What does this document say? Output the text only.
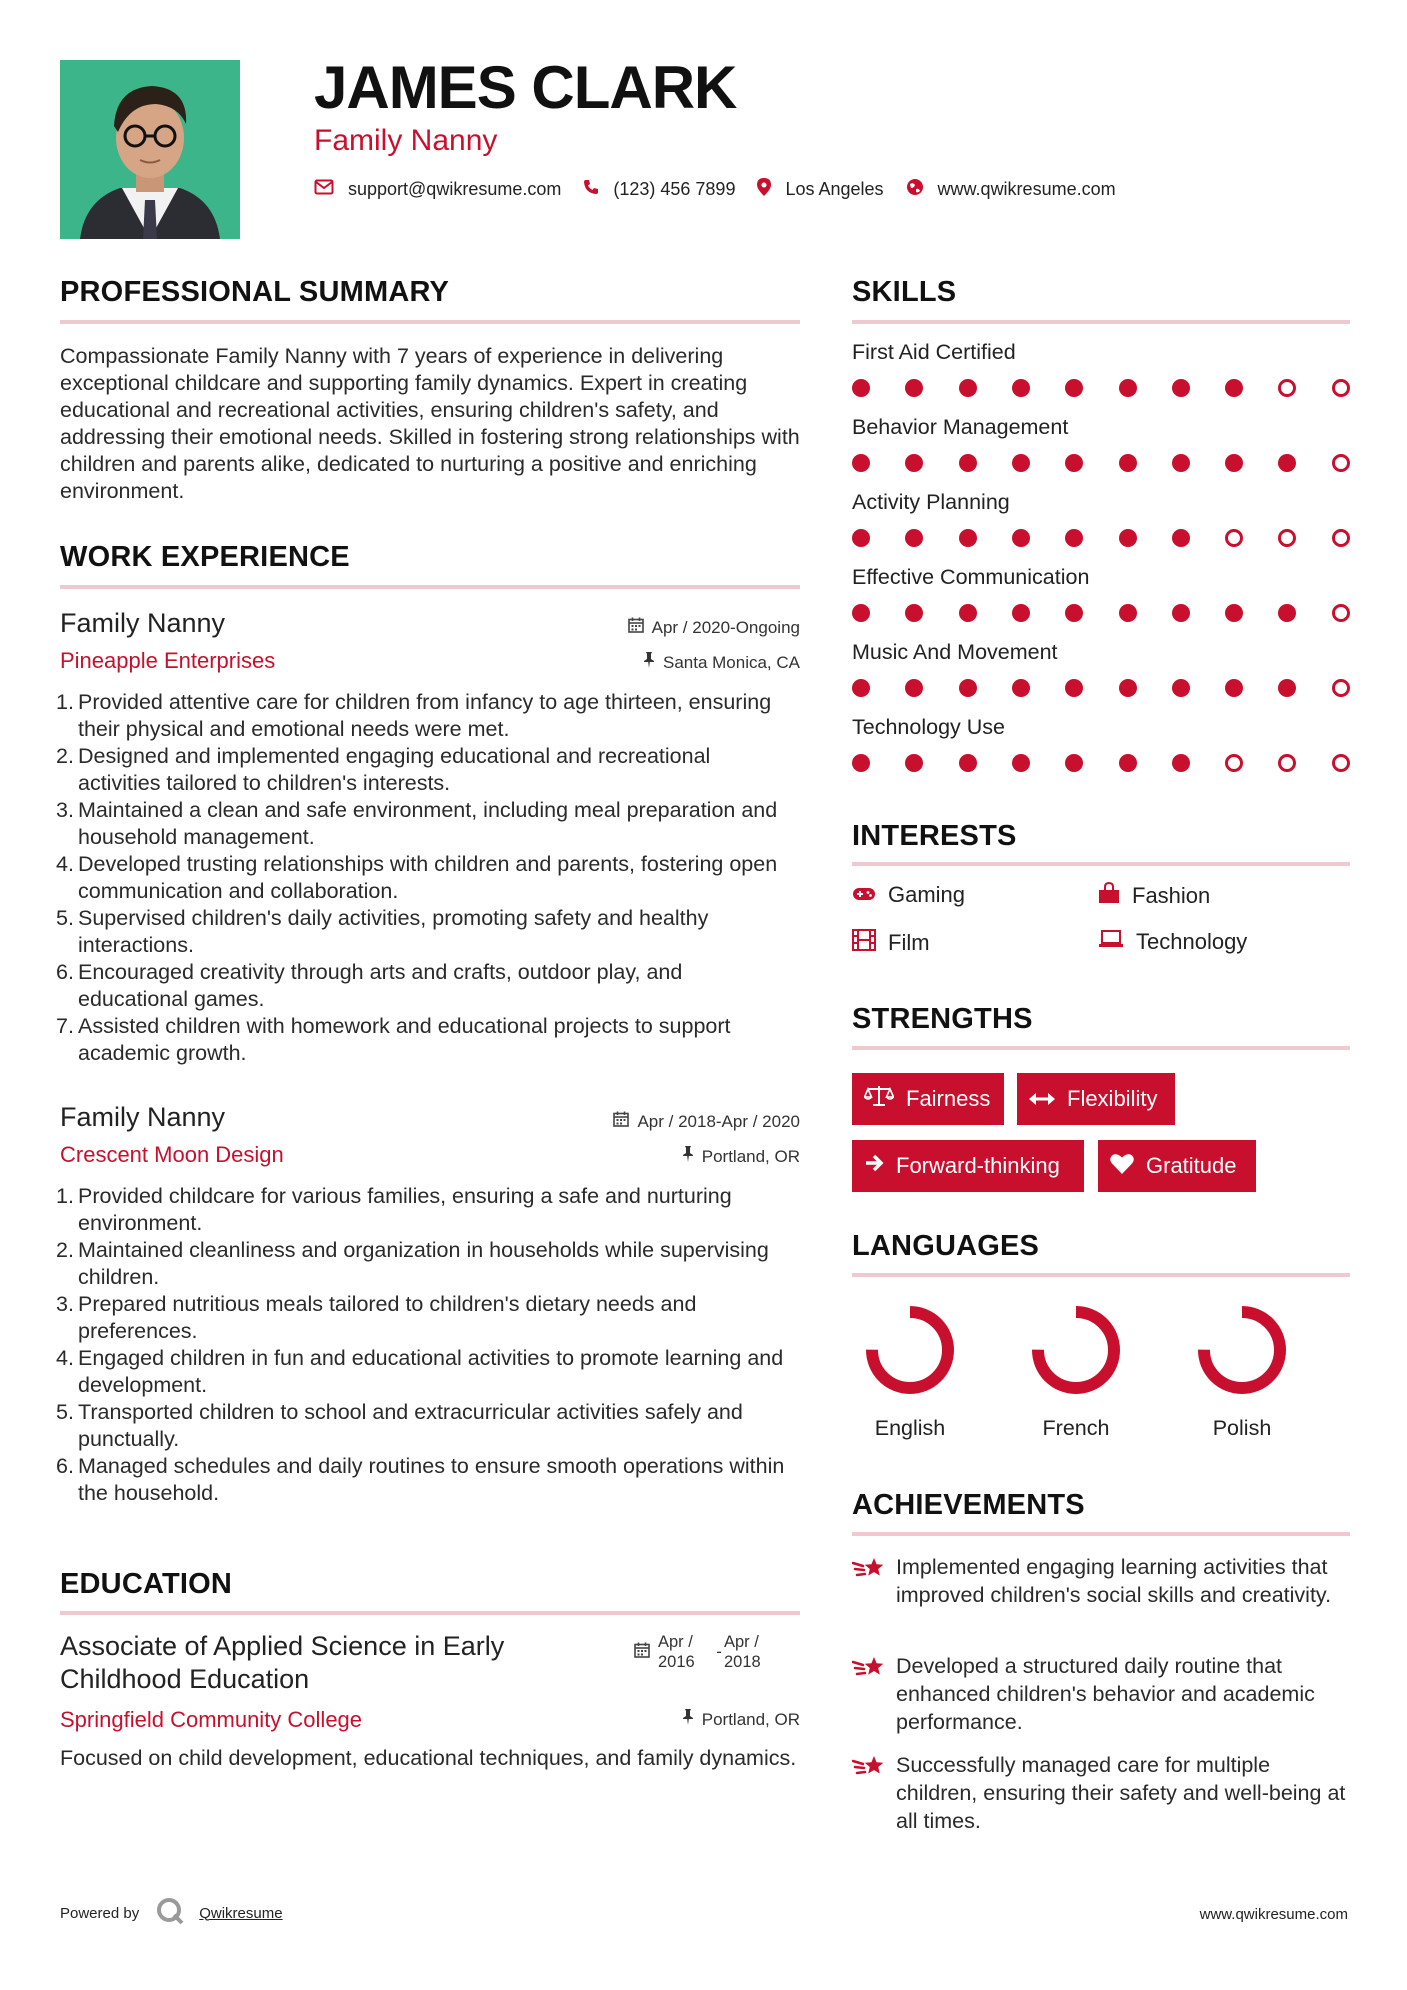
JAMES CLARK
Family Nanny
support@qwikresume.com	(123) 456 7899	Los Angeles	www.qwikresume.com
PROFESSIONAL SUMMARY
Compassionate Family Nanny with 7 years of experience in delivering exceptional childcare and supporting family dynamics. Expert in creating educational and recreational activities, ensuring children's safety, and addressing their emotional needs. Skilled in fostering strong relationships with children and parents alike, dedicated to nurturing a positive and enriching environment.
WORK EXPERIENCE
Family Nanny
Pineapple Enterprises
Apr / 2020-Ongoing
Santa Monica, CA
1. Provided attentive care for children from infancy to age thirteen, ensuring their physical and emotional needs were met.
2. Designed and implemented engaging educational and recreational activities tailored to children's interests.
3. Maintained a clean and safe environment, including meal preparation and household management.
4. Developed trusting relationships with children and parents, fostering open communication and collaboration.
5. Supervised children's daily activities, promoting safety and healthy interactions.
6. Encouraged creativity through arts and crafts, outdoor play, and educational games.
7. Assisted children with homework and educational projects to support academic growth.
Family Nanny
Crescent Moon Design
Apr / 2018-Apr / 2020
Portland, OR
1. Provided childcare for various families, ensuring a safe and nurturing environment.
2. Maintained cleanliness and organization in households while supervising children.
3. Prepared nutritious meals tailored to children's dietary needs and preferences.
4. Engaged children in fun and educational activities to promote learning and development.
5. Transported children to school and extracurricular activities safely and punctually.
6. Managed schedules and daily routines to ensure smooth operations within the household.
EDUCATION
Associate of Applied Science in Early Childhood Education
Apr / 2016
-
Apr / 2018
Portland, OR
Springfield Community College
Focused on child development, educational techniques, and family dynamics.
SKILLS
First Aid Certified
Behavior Management
Activity Planning
Effective Communication
Music And Movement
Technology Use
INTERESTS
Gaming	Fashion
Film	Technology
STRENGTHS
Fairness	Flexibility
Forward-thinking	Gratitude
LANGUAGES
English	French	Polish
ACHIEVEMENTS
Implemented engaging learning activities that improved children's social skills and creativity.
Developed a structured daily routine that enhanced children's behavior and academic performance.
Successfully managed care for multiple children, ensuring their safety and well-being at all times.
Powered by	Qwikresume	www.qwikresume.com
